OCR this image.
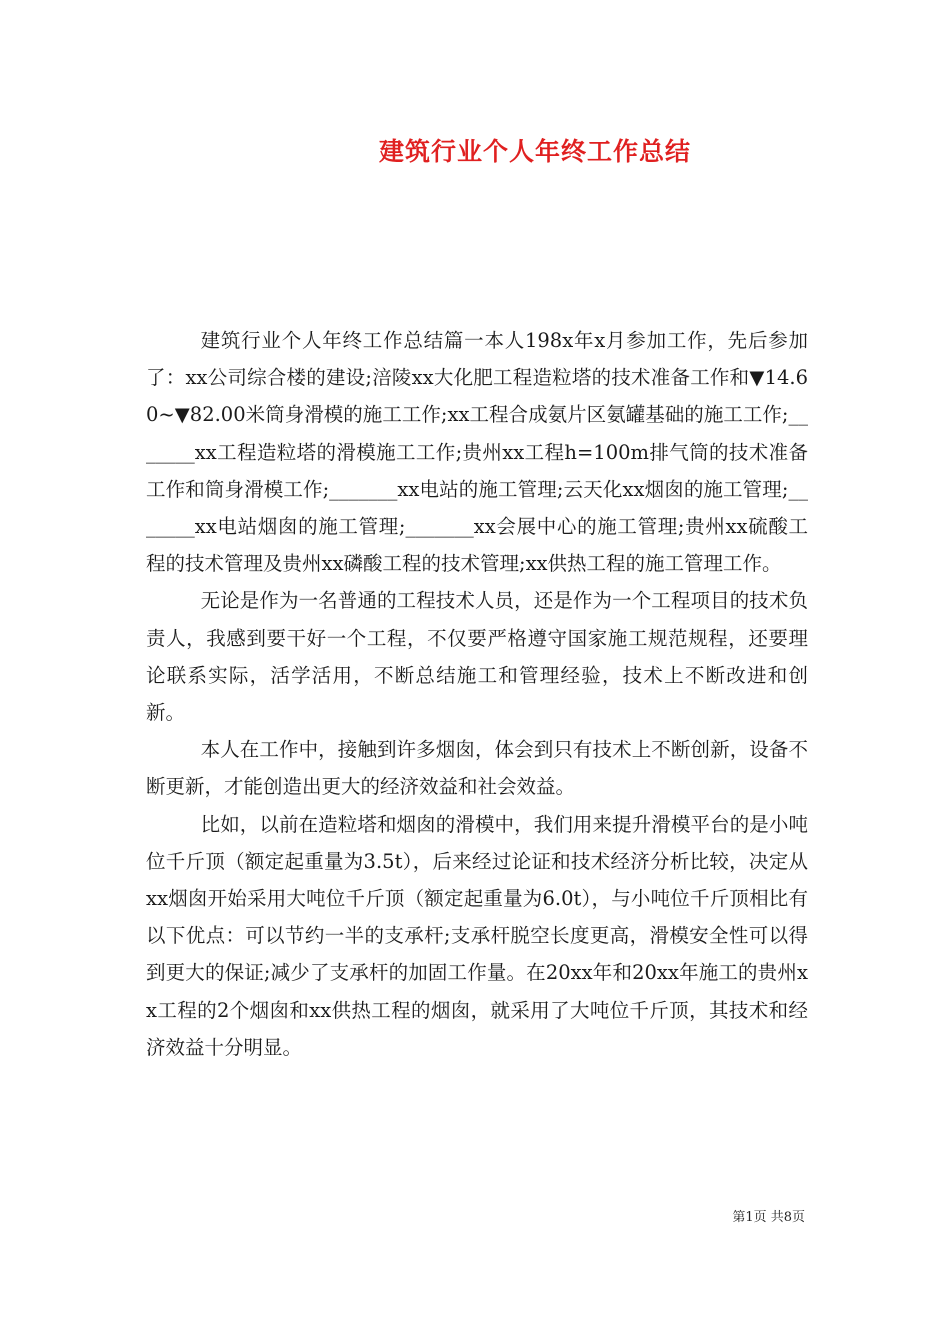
建筑行业个人年终工作总结

建筑行业个人年终工作总结篇一本人198x年x月参加工作，先后参加了：xx公司综合楼的建设;涪陵xx大化肥工程造粒塔的技术准备工作和▼14.60~▼82.00米筒身滑模的施工工作;xx工程合成氨片区氨罐基础的施工工作;_______xx工程造粒塔的滑模施工工作;贵州xx工程h=100m排气筒的技术准备工作和筒身滑模工作;_______xx电站的施工管理;云天化xx烟囱的施工管理;_______xx电站烟囱的施工管理;_______xx会展中心的施工管理;贵州xx硫酸工程的技术管理及贵州xx磷酸工程的技术管理;xx供热工程的施工管理工作。

无论是作为一名普通的工程技术人员，还是作为一个工程项目的技术负责人，我感到要干好一个工程，不仅要严格遵守国家施工规范规程，还要理论联系实际，活学活用，不断总结施工和管理经验，技术上不断改进和创新。

本人在工作中，接触到许多烟囱，体会到只有技术上不断创新，设备不断更新，才能创造出更大的经济效益和社会效益。

比如，以前在造粒塔和烟囱的滑模中，我们用来提升滑模平台的是小吨位千斤顶（额定起重量为3.5t），后来经过论证和技术经济分析比较，决定从xx烟囱开始采用大吨位千斤顶（额定起重量为6.0t），与小吨位千斤顶相比有以下优点：可以节约一半的支承杆;支承杆脱空长度更高，滑模安全性可以得到更大的保证;减少了支承杆的加固工作量。在20xx年和20xx年施工的贵州xx工程的2个烟囱和xx供热工程的烟囱，就采用了大吨位千斤顶，其技术和经济效益十分明显。

第1页 共8页
